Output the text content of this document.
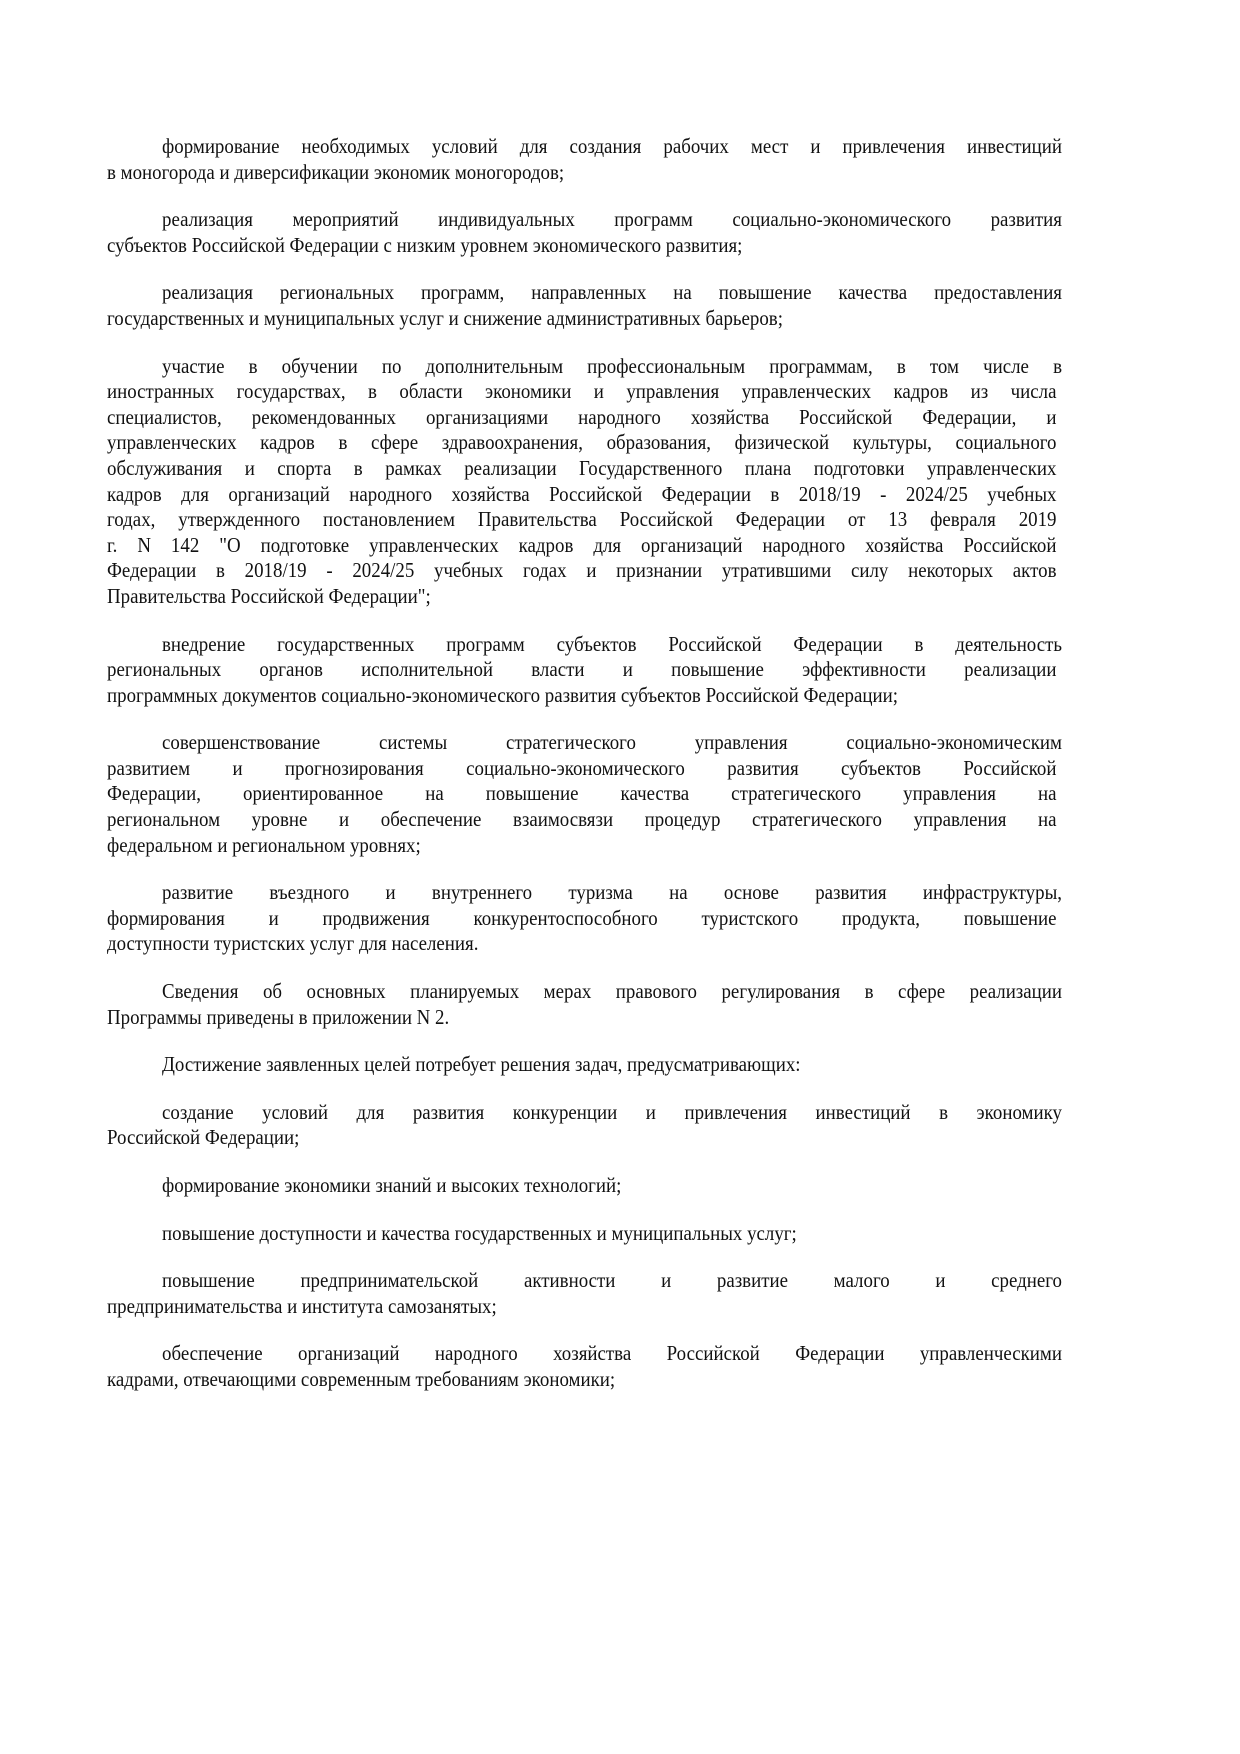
формирование необходимых условий для создания рабочих мест и привлечения инвестиций
в моногорода и диверсификации экономик моногородов;
реализация мероприятий индивидуальных программ социально-экономического развития
субъектов Российской Федерации с низким уровнем экономического развития;
реализация региональных программ, направленных на повышение качества предоставления
государственных и муниципальных услуг и снижение административных барьеров;
участие в обучении по дополнительным профессиональным программам, в том числе в
иностранных государствах, в области экономики и управления управленческих кадров из числа
специалистов, рекомендованных организациями народного хозяйства Российской Федерации, и
управленческих кадров в сфере здравоохранения, образования, физической культуры, социального
обслуживания и спорта в рамках реализации Государственного плана подготовки управленческих
кадров для организаций народного хозяйства Российской Федерации в 2018/19 - 2024/25 учебных
годах, утвержденного постановлением Правительства Российской Федерации от 13 февраля 2019
г. N 142 "О подготовке управленческих кадров для организаций народного хозяйства Российской
Федерации в 2018/19 - 2024/25 учебных годах и признании утратившими силу некоторых актов
Правительства Российской Федерации";
внедрение государственных программ субъектов Российской Федерации в деятельность
региональных органов исполнительной власти и повышение эффективности реализации
программных документов социально-экономического развития субъектов Российской Федерации;
совершенствование системы стратегического управления социально-экономическим
развитием и прогнозирования социально-экономического развития субъектов Российской
Федерации, ориентированное на повышение качества стратегического управления на
региональном уровне и обеспечение взаимосвязи процедур стратегического управления на
федеральном и региональном уровнях;
развитие въездного и внутреннего туризма на основе развития инфраструктуры,
формирования и продвижения конкурентоспособного туристского продукта, повышение
доступности туристских услуг для населения.
Сведения об основных планируемых мерах правового регулирования в сфере реализации
Программы приведены в приложении N 2.
Достижение заявленных целей потребует решения задач, предусматривающих:
создание условий для развития конкуренции и привлечения инвестиций в экономику
Российской Федерации;
формирование экономики знаний и высоких технологий;
повышение доступности и качества государственных и муниципальных услуг;
повышение предпринимательской активности и развитие малого и среднего
предпринимательства и института самозанятых;
обеспечение организаций народного хозяйства Российской Федерации управленческими
кадрами, отвечающими современным требованиям экономики;
